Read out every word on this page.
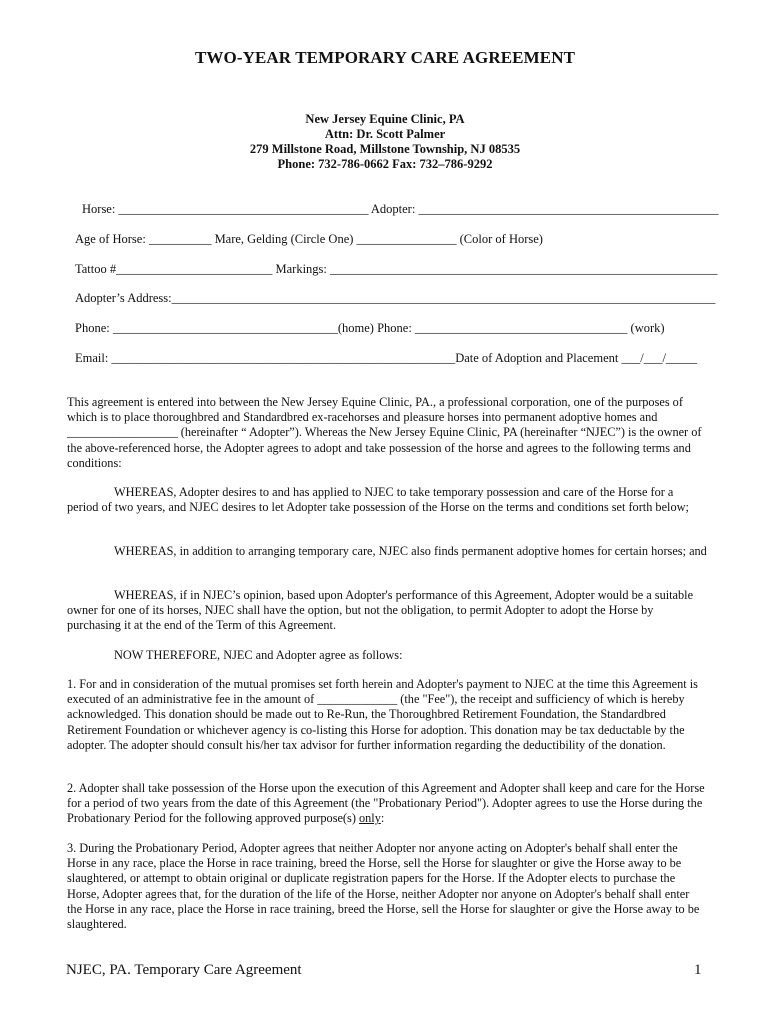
TWO-YEAR TEMPORARY CARE AGREEMENT
New Jersey Equine Clinic, PA
Attn: Dr. Scott Palmer
279 Millstone Road, Millstone Township, NJ 08535
Phone: 732-786-0662 Fax: 732–786-9292
Horse: ________________________________________ Adopter: ________________________________________________
Age of Horse: __________ Mare, Gelding (Circle One) ________________ (Color of Horse)
Tattoo #_________________________ Markings: ______________________________________________________________
Adopter’s Address:_______________________________________________________________________________________
Phone: ____________________________________(home) Phone: __________________________________ (work)
Email: _______________________________________________________Date of Adoption and Placement ___/___/_____

This agreement is entered into between the New Jersey Equine Clinic, PA., a professional corporation, one of the purposes of which is to place thoroughbred and Standardbred ex-racehorses and pleasure horses into permanent adoptive homes and __________________ (hereinafter “ Adopter”). Whereas the New Jersey Equine Clinic, PA (hereinafter “NJEC”) is the owner of the above-referenced horse, the Adopter agrees to adopt and take possession of the horse and agrees to the following terms and conditions:

WHEREAS, Adopter desires to and has applied to NJEC to take temporary possession and care of the Horse for a period of two years, and NJEC desires to let Adopter take possession of the Horse on the terms and conditions set forth below;

WHEREAS, in addition to arranging temporary care, NJEC also finds permanent adoptive homes for certain horses; and

WHEREAS, if in NJEC’s opinion, based upon Adopter's performance of this Agreement, Adopter would be a suitable owner for one of its horses, NJEC shall have the option, but not the obligation, to permit Adopter to adopt the Horse by purchasing it at the end of the Term of this Agreement.

NOW THEREFORE, NJEC and Adopter agree as follows:

1. For and in consideration of the mutual promises set forth herein and Adopter's payment to NJEC at the time this Agreement is executed of an administrative fee in the amount of _____________ (the "Fee"), the receipt and sufficiency of which is hereby acknowledged. This donation should be made out to Re-Run, the Thoroughbred Retirement Foundation, the Standardbred Retirement Foundation or whichever agency is co-listing this Horse for adoption. This donation may be tax deductable by the adopter. The adopter should consult his/her tax advisor for further information regarding the deductibility of the donation.

2. Adopter shall take possession of the Horse upon the execution of this Agreement and Adopter shall keep and care for the Horse for a period of two years from the date of this Agreement (the "Probationary Period"). Adopter agrees to use the Horse during the Probationary Period for the following approved purpose(s) only:

3. During the Probationary Period, Adopter agrees that neither Adopter nor anyone acting on Adopter's behalf shall enter the Horse in any race, place the Horse in race training, breed the Horse, sell the Horse for slaughter or give the Horse away to be slaughtered, or attempt to obtain original or duplicate registration papers for the Horse. If the Adopter elects to purchase the Horse, Adopter agrees that, for the duration of the life of the Horse, neither Adopter nor anyone on Adopter's behalf shall enter the Horse in any race, place the Horse in race training, breed the Horse, sell the Horse for slaughter or give the Horse away to be slaughtered.

NJEC, PA. Temporary Care Agreement	1
